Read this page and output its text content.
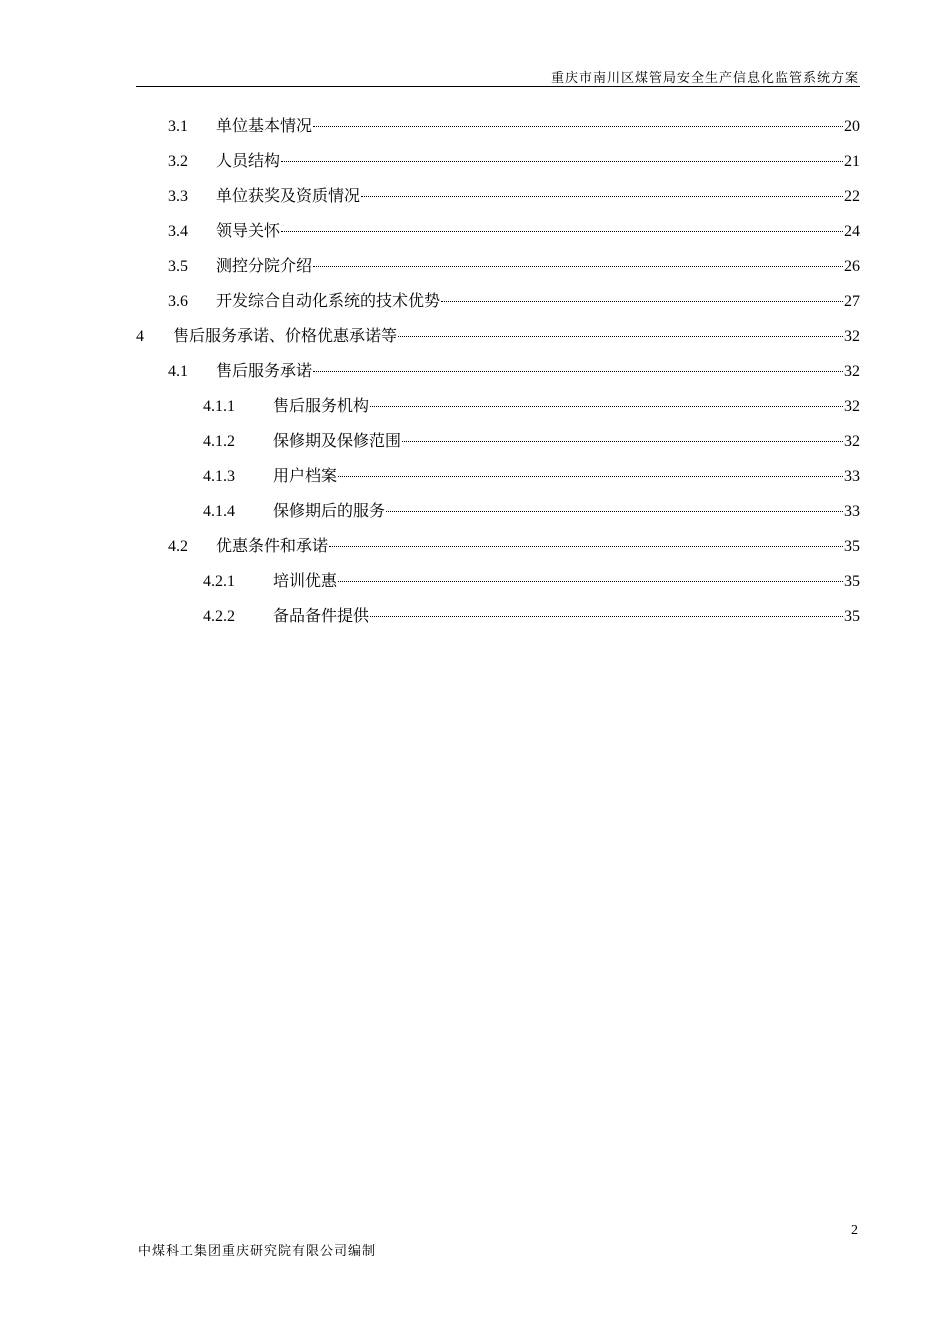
重庆市南川区煤管局安全生产信息化监管系统方案
3.1	单位基本情况	20
3.2	人员结构	21
3.3	单位获奖及资质情况	22
3.4	领导关怀	24
3.5	测控分院介绍	26
3.6	开发综合自动化系统的技术优势	27
4	售后服务承诺、价格优惠承诺等	32
4.1	售后服务承诺	32
4.1.1	售后服务机构	32
4.1.2	保修期及保修范围	32
4.1.3	用户档案	33
4.1.4	保修期后的服务	33
4.2	优惠条件和承诺	35
4.2.1	培训优惠	35
4.2.2	备品备件提供	35
2
中煤科工集团重庆研究院有限公司编制
